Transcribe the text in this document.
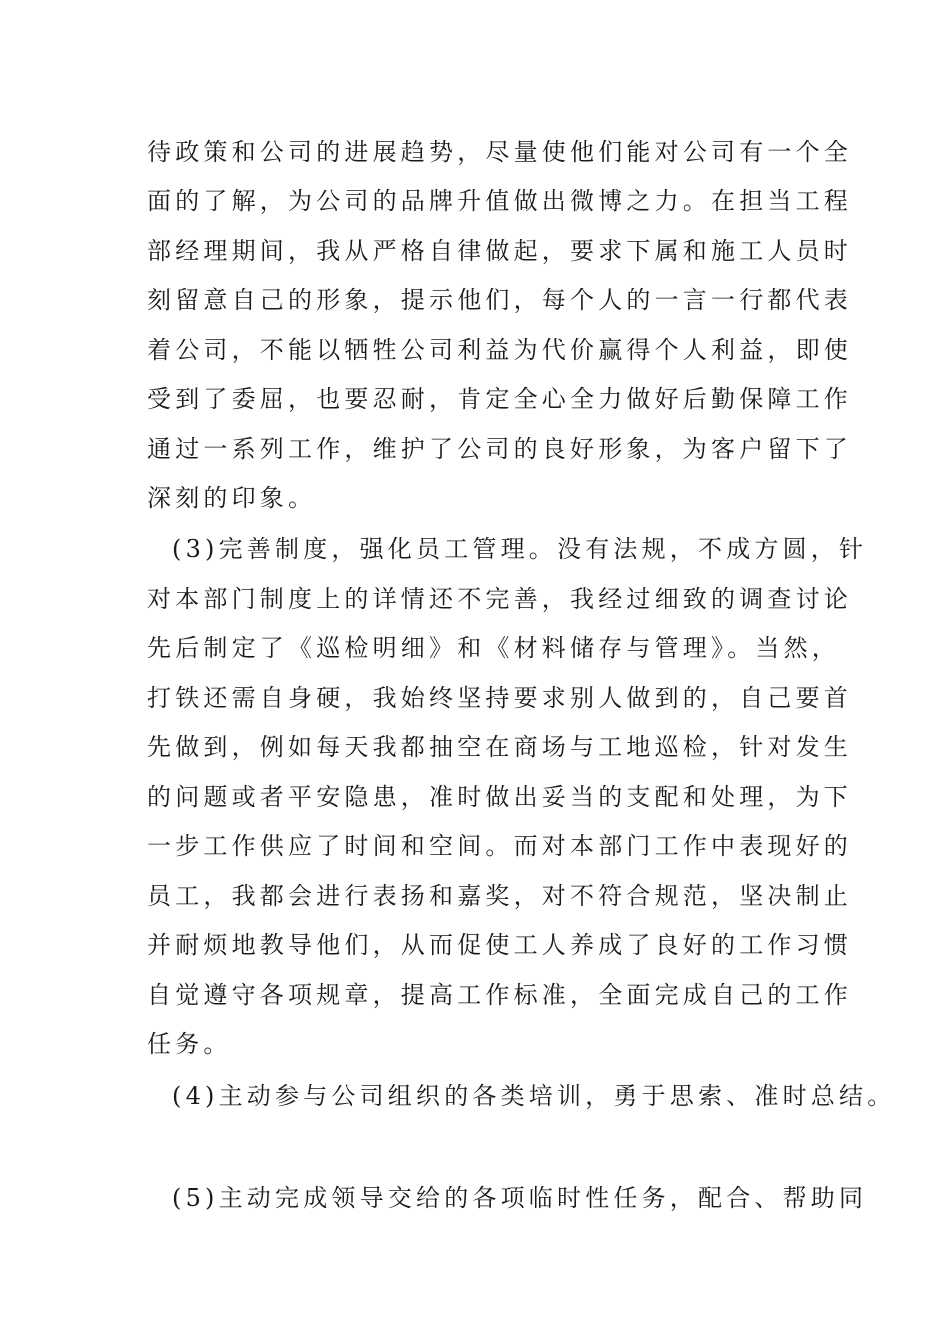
待政策和公司的进展趋势，尽量使他们能对公司有一个全
面的了解，为公司的品牌升值做出微博之力。在担当工程
部经理期间，我从严格自律做起，要求下属和施工人员时
刻留意自己的形象，提示他们，每个人的一言一行都代表
着公司，不能以牺牲公司利益为代价赢得个人利益，即使
受到了委屈，也要忍耐，肯定全心全力做好后勤保障工作
通过一系列工作，维护了公司的良好形象，为客户留下了
深刻的印象。
(3)完善制度，强化员工管理。没有法规，不成方圆，针
对本部门制度上的详情还不完善，我经过细致的调查讨论
先后制定了《巡检明细》和《材料储存与管理》。当然，
打铁还需自身硬，我始终坚持要求别人做到的，自己要首
先做到，例如每天我都抽空在商场与工地巡检，针对发生
的问题或者平安隐患，准时做出妥当的支配和处理，为下
一步工作供应了时间和空间。而对本部门工作中表现好的
员工，我都会进行表扬和嘉奖，对不符合规范，坚决制止
并耐烦地教导他们，从而促使工人养成了良好的工作习惯
自觉遵守各项规章，提高工作标准，全面完成自己的工作
任务。
(4)主动参与公司组织的各类培训，勇于思索、准时总结。
(5)主动完成领导交给的各项临时性任务，配合、帮助同
